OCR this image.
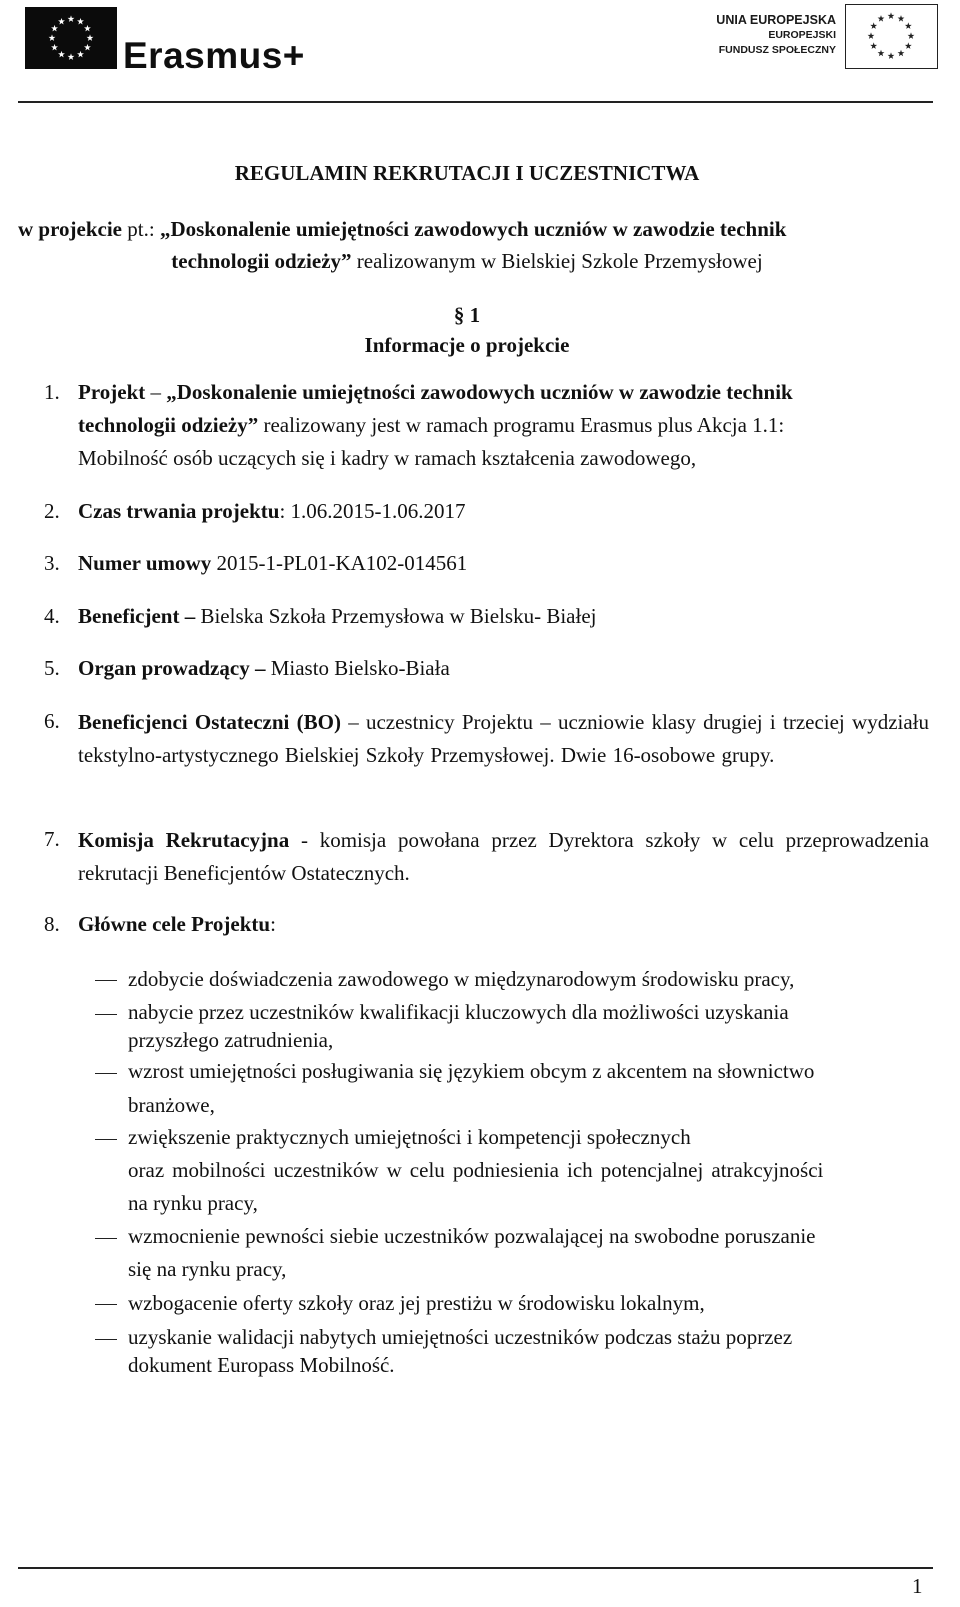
Erasmus+
UNIA EUROPEJSKA
EUROPEJSKI
FUNDUSZ SPOŁECZNY
REGULAMIN REKRUTACJI I UCZESTNICTWA
w projekcie pt.: „Doskonalenie umiejętności zawodowych uczniów w zawodzie technik
technologii odzieży” realizowanym w Bielskiej Szkole Przemysłowej
§ 1
Informacje o projekcie
1. Projekt – „Doskonalenie umiejętności zawodowych uczniów w zawodzie technik
technologii odzieży” realizowany jest w ramach programu Erasmus plus Akcja 1.1:
Mobilność osób uczących się i kadry w ramach kształcenia zawodowego,
2. Czas trwania projektu: 1.06.2015-1.06.2017
3. Numer umowy 2015-1-PL01-KA102-014561
4. Beneficjent – Bielska Szkoła Przemysłowa w Bielsku- Białej
5. Organ prowadzący – Miasto Bielsko-Biała
6. Beneficjenci Ostateczni (BO) – uczestnicy Projektu – uczniowie klasy drugiej i trzeciej wydziału tekstylno-artystycznego Bielskiej Szkoły Przemysłowej. Dwie 16-osobowe grupy.
7. Komisja Rekrutacyjna - komisja powołana przez Dyrektora szkoły w celu przeprowadzenia rekrutacji Beneficjentów Ostatecznych.
8. Główne cele Projektu:
zdobycie doświadczenia zawodowego w międzynarodowym środowisku pracy,
nabycie przez uczestników kwalifikacji kluczowych dla możliwości uzyskania
przyszłego zatrudnienia,
wzrost umiejętności posługiwania się językiem obcym z akcentem na słownictwo
branżowe,
zwiększenie praktycznych umiejętności i kompetencji społecznych
oraz mobilności uczestników w celu podniesienia ich potencjalnej atrakcyjności
na rynku pracy,
wzmocnienie pewności siebie uczestników pozwalającej na swobodne poruszanie
się na rynku pracy,
wzbogacenie oferty szkoły oraz jej prestiżu w środowisku lokalnym,
uzyskanie walidacji nabytych umiejętności uczestników podczas stażu poprzez
dokument Europass Mobilność.
1
